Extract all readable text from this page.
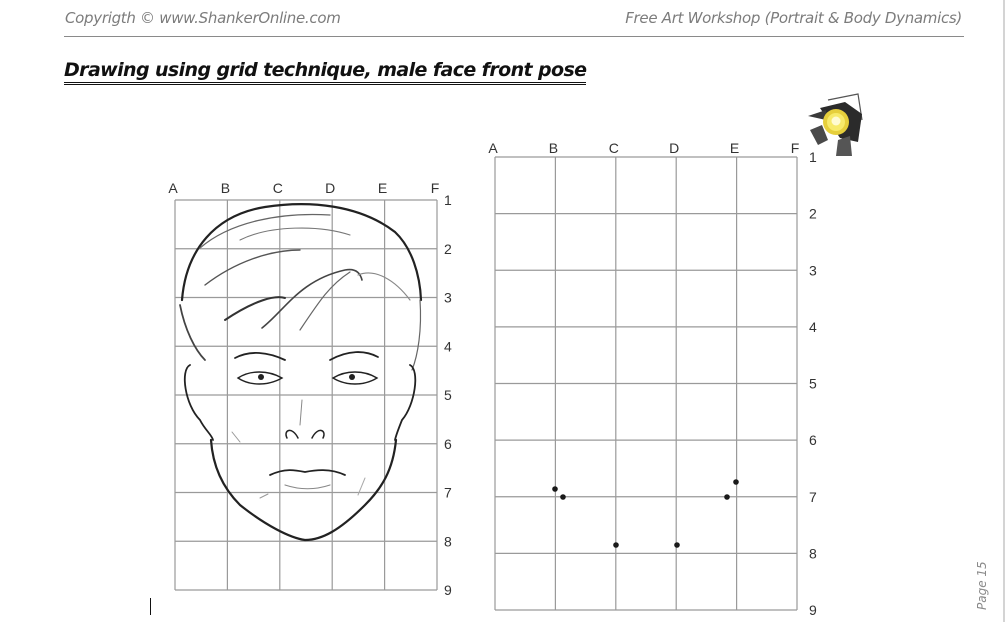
Copyrigth © www.ShankerOnline.com	Free Art Workshop (Portrait & Body Dynamics)
Drawing using grid technique, male face front pose
A	B	C	D	E	F
1
2
3
4
5
6
7
8
9
A	B	C	D	E	F
1
2
3
4
5
6
7
8
9	Page 15
